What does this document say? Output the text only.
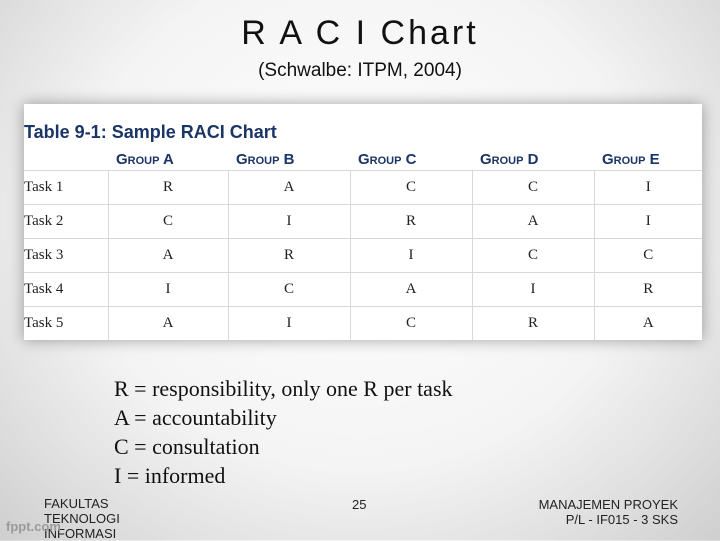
R A C I Chart
(Schwalbe: ITPM, 2004)
Table 9-1: Sample RACI Chart
	Group A	Group B	Group C	Group D	Group E
Task 1	R	A	C	C	I
Task 2	C	I	R	A	I
Task 3	A	R	I	C	C
Task 4	I	C	A	I	R
Task 5	A	I	C	R	A
R = responsibility, only one R per task
A = accountability
C = consultation
I = informed
FAKULTAS
TEKNOLOGI
INFORMASI
25	MANAJEMEN PROYEK
P/L - IF015 - 3 SKS
fppt.com
